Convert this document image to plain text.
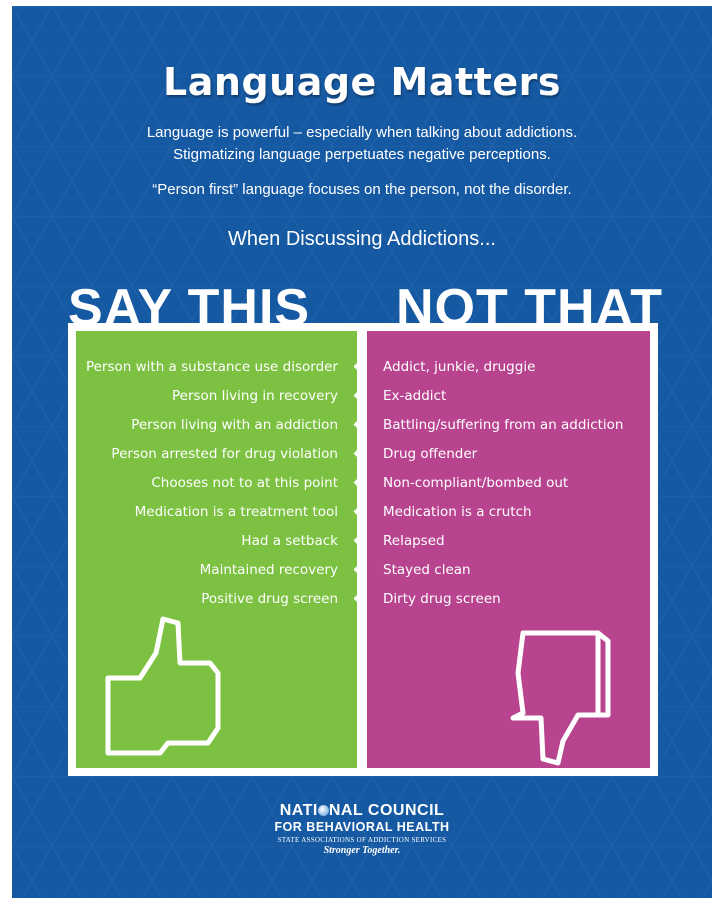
Language Matters

Language is powerful – especially when talking about addictions.

Stigmatizing language perpetuates negative perceptions.

“Person first” language focuses on the person, not the disorder.

When Discussing Addictions...

SAY THIS NOT THAT

Person with a substance use disorder	Addict, junkie, druggie
Person living in recovery	Ex-addict
Person living with an addiction	Battling/suffering from an addiction
Person arrested for drug violation	Drug offender
Chooses not to at this point	Non-compliant/bombed out
Medication is a treatment tool	Medication is a crutch
Had a setback	Relapsed
Maintained recovery	Stayed clean
Positive drug screen	Dirty drug screen
NATI NAL COUNCIL
FOR BEHAVIORAL HEALTH
STATE ASSOCIATIONS OF ADDICTION SERVICES
Stronger Together.
